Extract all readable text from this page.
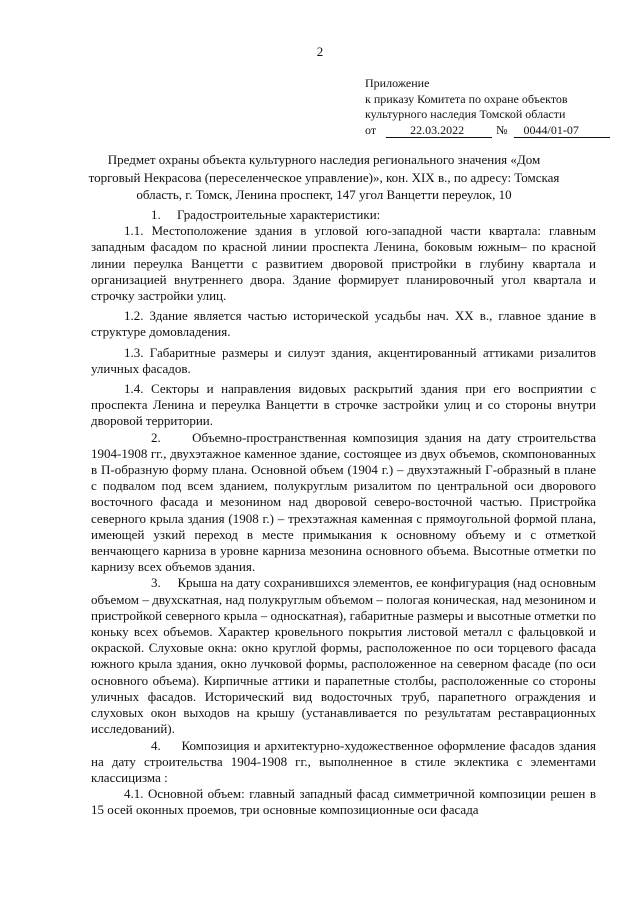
2
Приложение
к приказу Комитета по охране объектов
культурного наследия Томской области
от	22.03.2022	№ 0044/01-07
Предмет охраны объекта культурного наследия регионального значения «Дом торговый Некрасова (переселенческое управление)», кон. XIX в., по адресу: Томская область, г. Томск, Ленина проспект, 147 угол Ванцетти переулок, 10

1.     Градостроительные характеристики:

1.1. Местоположение здания в угловой юго-западной части квартала: главным западным фасадом по красной линии проспекта Ленина, боковым южным– по красной линии переулка Ванцетти с развитием дворовой пристройки в глубину квартала и организацией внутреннего двора. Здание формирует планировочный угол квартала и строчку застройки улиц.

1.2. Здание является частью исторической усадьбы нач. XX в., главное здание в структуре домовладения.

1.3. Габаритные размеры и силуэт здания, акцентированный аттиками ризалитов уличных фасадов.

1.4. Секторы и направления видовых раскрытий здания при его восприятии с проспекта Ленина и переулка Ванцетти в строчке застройки улиц и со стороны внутри дворовой территории.

2.     Объемно-пространственная композиция здания на дату строительства 1904-1908 гг., двухэтажное каменное здание, состоящее из двух объемов, скомпонованных в П-образную форму плана. Основной объем (1904 г.) – двухэтажный Г-образный в плане с подвалом под всем зданием, полукруглым ризалитом по центральной оси дворового восточного фасада и мезонином над дворовой северо-восточной частью. Пристройка северного крыла здания (1908 г.) – трехэтажная каменная с прямоугольной формой плана, имеющей узкий переход в месте примыкания к основному объему и с отметкой венчающего карниза в уровне карниза мезонина основного объема. Высотные отметки по карнизу всех объемов здания.

3.     Крыша на дату сохранившихся элементов, ее конфигурация (над основным объемом – двухскатная, над полукруглым объемом – пологая коническая, над мезонином и пристройкой северного крыла – односкатная), габаритные размеры и высотные отметки по коньку всех объемов. Характер кровельного покрытия листовой металл с фальцовкой и окраской. Слуховые окна: окно круглой формы, расположенное по оси торцевого фасада южного крыла здания, окно лучковой формы, расположенное на северном фасаде (по оси основного объема). Кирпичные аттики и парапетные столбы, расположенные со стороны уличных фасадов. Исторический вид водосточных труб, парапетного ограждения и слуховых окон выходов на крышу (устанавливается по результатам реставрационных исследований).

4.     Композиция и архитектурно-художественное оформление фасадов здания на дату строительства 1904-1908 гг., выполненное в стиле эклектика с элементами классицизма :

4.1. Основной объем: главный западный фасад симметричной композиции решен в 15 осей оконных проемов, три основные композиционные оси фасада
